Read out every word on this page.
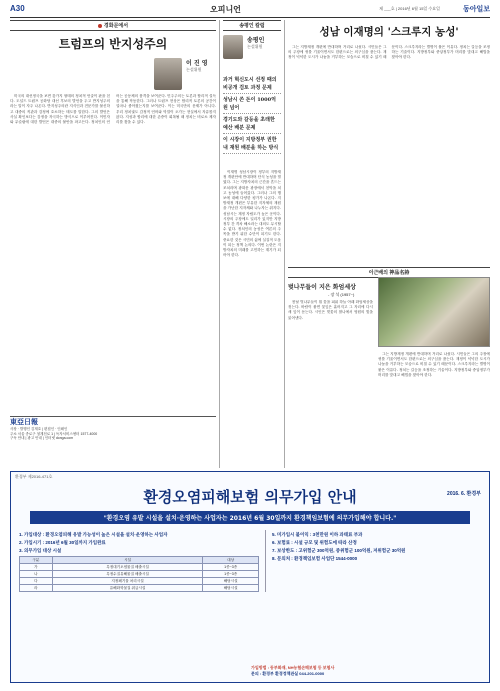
A30	오피니언	제 ___호 | 2016년 6월 15일 수요일	동아일보
경화문에서
트럼프의 반지성주의
이 진 영
논설위원

미국의 대선정국을 보면 갖가지 형태의 정치적 언술이 판을 친다. 도널드 트럼프 공화당 대선 후보의 발언을 두고 반지성주의라는 말이 자주 나온다. 반지성주의란 지식인과 전문가를 불신하고 대중의 직관과 감정에 호소하는 태도를 말한다. 그의 발언은 사실 확인보다는 감정을 자극하는 방식으로 이루어진다. 이민자와 무슬림에 대한 발언은 대중의 불안을 파고든다. 정치인의 언어는 공동체의 품격을 보여준다. 민주주의는 토론과 합리적 설득을 통해 작동한다. 그러나 트럼프 현상은 합리적 토론의 공간이 얼마나 좁아졌는지를 보여준다. 이는 미국만의 문제가 아니다. 우리 정치권도 감정적 언어와 막말이 오가는 현실에서 자유롭지 않다. 지성과 합리에 대한 존중이 회복될 때 정치는 비로소 제자리를 찾을 수 있다.

東亞日報
사장 · 발행인 김재호 | 편집인 · 인쇄인
주소 서울 종로구 청계천로 1 | 독자서비스센터 1577-4000
구독 안내 | 광고 안내 | 인터넷 donga.com
송평인 칼럼
송평인
논설위원
과거 혁신도시 선정 때의 비공개 검토 과정 문제
성남시 쓴 돈이 1000억 원 넘어
경기도와 갈등을 초래한 예산 배분 문제
이 시장이 지방정부 권한 내 재원 배분을 하는 방식

이재명 성남시장이 정부의 지방재정 개편안에 반대하며 단식 농성을 벌였다. 그는 지방자치의 근간을 흔드는 조치라며 광화문 광장에서 천막을 치고 농성에 들어갔다. 그러나 그의 행보에 대해 다양한 평가가 나온다. 지방재정 개편은 부유한 지자체의 재원을 가난한 지자체와 나누자는 취지다. 성남시는 재정 자립도가 높은 곳이다. 시장의 주장에도 일리가 있지만 지방정부 간 격차 해소라는 대의도 무시할 수 없다. 정치인의 농성은 여론의 주목을 받기 위한 수단이 되기도 한다. 중요한 것은 시민의 삶에 실질적 도움이 되는 정책 논의다. 이번 논란은 지방자치의 미래를 고민하는 계기가 되어야 한다.

성남 이재명의 '스크루지 농성'

그는 지방재정 개편에 반대하며 거리로 나섰다. 시민들은 그의 주장에 귀를 기울이면서도 한편으로는 의구심을 품는다. 재정이 넉넉한 도시가 나눔을 거부하는 모습으로 비칠 수 있기 때문이다. 스크루지라는 별명이 붙은 이유다. 정치는 갈등을 조정하는 기술이다. 지방정부와 중앙정부가 머리를 맞대고 해법을 찾아야 한다.

이근배의 神品名詩
벚나무들이 지은 화엄세상
- 장 석 (1957~)

봄날 벚나무들이 흰 꽃을 피워 하늘 아래 화엄세상을 짓는다. 바람이 불면 꽃잎은 흩어지고 그 자리에 다시 새 잎이 돋는다. 시인은 벚꽃의 찰나에서 영원의 빛을 읽어낸다.

그는 지방재정 개편에 반대하며 거리로 나섰다. 시민들은 그의 주장에 귀를 기울이면서도 한편으로는 의구심을 품는다. 재정이 넉넉한 도시가 나눔을 거부하는 모습으로 비칠 수 있기 때문이다. 스크루지라는 별명이 붙은 이유다. 정치는 갈등을 조정하는 기술이다. 지방정부와 중앙정부가 머리를 맞대고 해법을 찾아야 한다.

환경부 제2016-471호
환경오염피해보험 의무가입 안내	2016. 6. 환경부
"환경오염 유발 시설을 설치·운영하는 사업자는 2016년 6월 30일까지 환경책임보험에 의무가입해야 합니다."
1. 가입대상 : 환경오염피해 유발 가능성이 높은 시설을 설치·운영하는 사업자
2. 가입시기 : 2016년 6월 30일까지 가입완료
3. 의무가입 대상 시설
구분	시설	대상
가	특정대기오염물질 배출시설	1종~3종
나	특정수질유해물질 배출시설	1종~3종
다	지정폐기물 처리시설	해당시설
라	유해화학물질 취급시설	해당시설
5. 미가입시 불이익 : 3천만원 이하 과태료 부과
6. 보험료 : 시설 규모 및 위험도에 따라 산정
7. 보상한도 : 고위험군 300억원, 중위험군 100억원, 저위험군 30억원
8. 문의처 : 환경책임보험 사업단 1544-0000
가입방법 : 동부화재, NH농협손해보험 등 보험사
문의 : 환경부 환경정책관실 044-201-0000
